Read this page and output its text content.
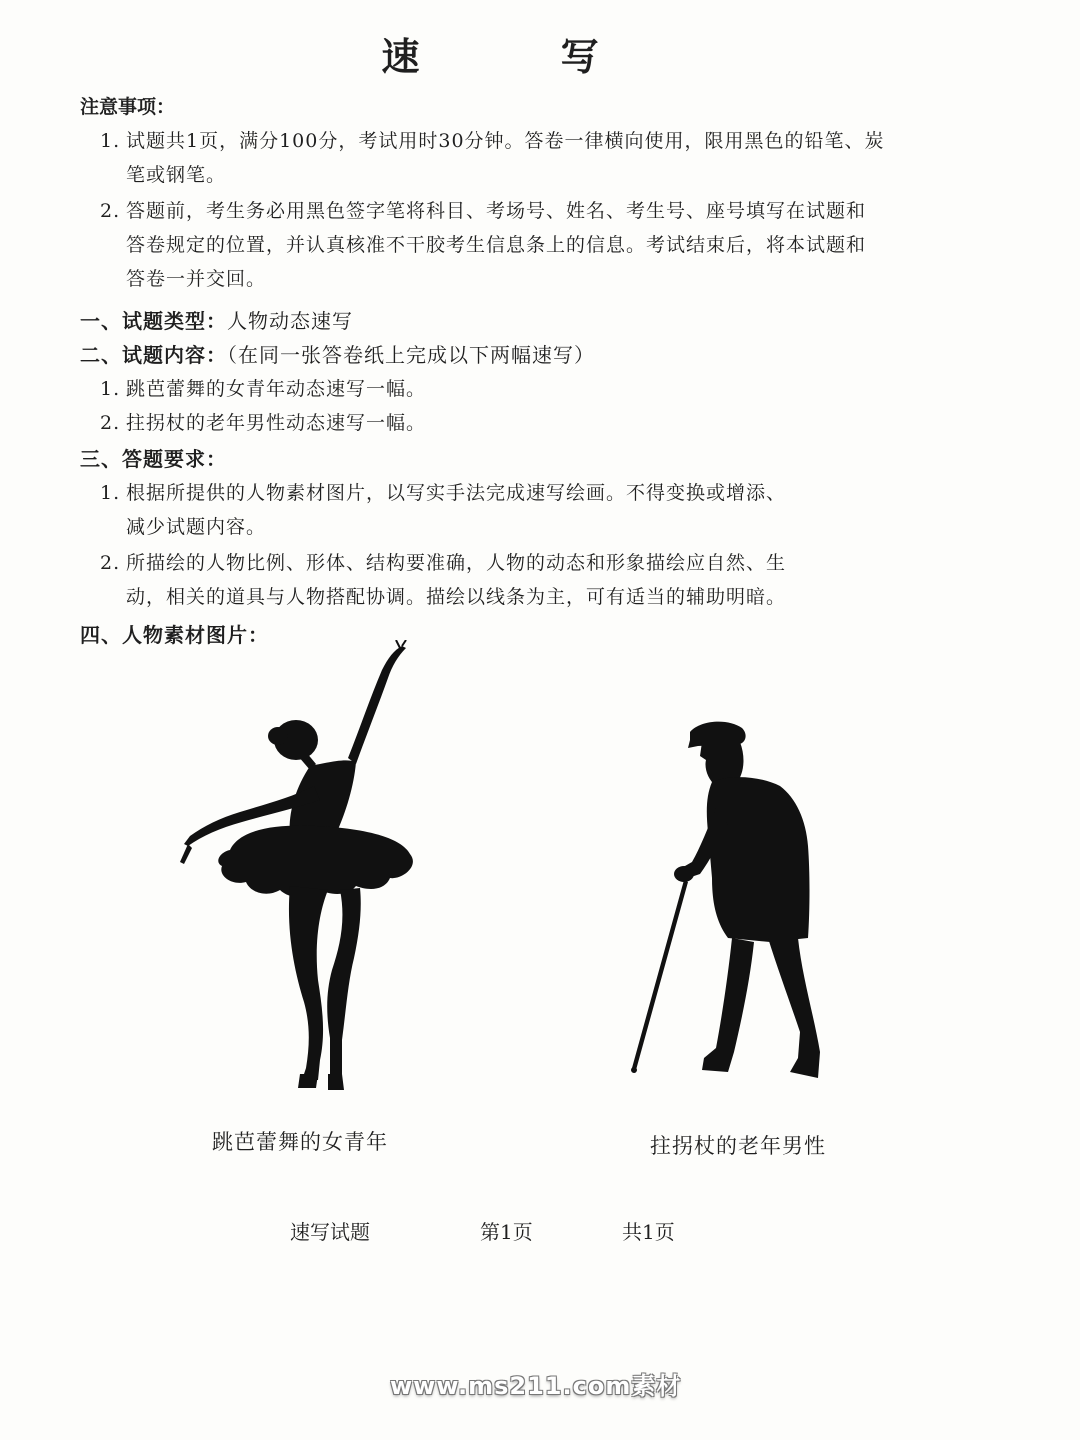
速 写
注意事项：
1. 试题共1页，满分100分，考试用时30分钟。答卷一律横向使用，限用黑色的铅笔、炭
笔或钢笔。
2. 答题前，考生务必用黑色签字笔将科目、考场号、姓名、考生号、座号填写在试题和
答卷规定的位置，并认真核准不干胶考生信息条上的信息。考试结束后，将本试题和
答卷一并交回。
一、试题类型：人物动态速写
二、试题内容：（在同一张答卷纸上完成以下两幅速写）
1. 跳芭蕾舞的女青年动态速写一幅。
2. 拄拐杖的老年男性动态速写一幅。
三、答题要求：
1. 根据所提供的人物素材图片，以写实手法完成速写绘画。不得变换或增添、
减少试题内容。
2. 所描绘的人物比例、形体、结构要准确，人物的动态和形象描绘应自然、生
动，相关的道具与人物搭配协调。描绘以线条为主，可有适当的辅助明暗。
四、人物素材图片：
跳芭蕾舞的女青年	拄拐杖的老年男性
速写试题	第1页	共1页
www.ms211.com素材
